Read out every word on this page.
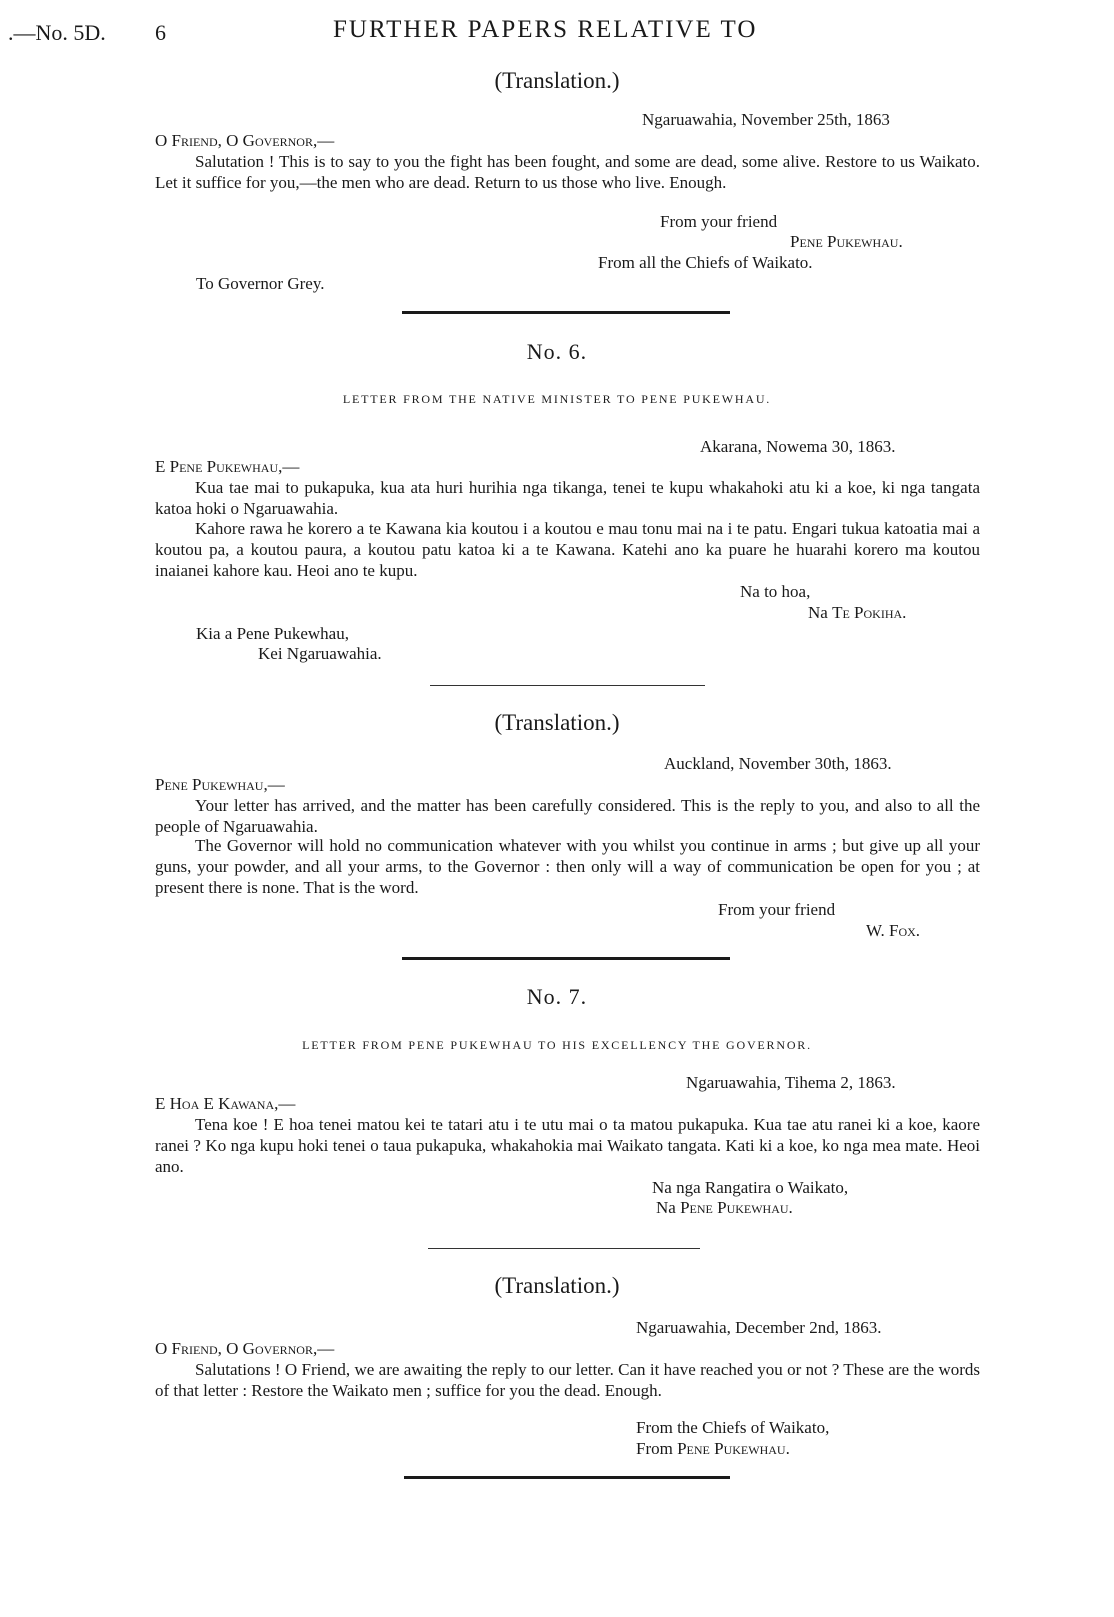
.—No. 5D. 6	FURTHER PAPERS RELATIVE TO
(Translation.)
Ngaruawahia, November 25th, 1863
O Friend, O Governor,—
Salutation ! This is to say to you the fight has been fought, and some are dead, some alive. Restore to us Waikato. Let it suffice for you,—the men who are dead. Return to us those who live. Enough.
From your friend
Pene Pukewhau.
From all the Chiefs of Waikato.
To Governor Grey.
No. 6.
LETTER FROM THE NATIVE MINISTER TO PENE PUKEWHAU.
Akarana, Nowema 30, 1863.
E Pene Pukewhau,—
Kua tae mai to pukapuka, kua ata huri hurihia nga tikanga, tenei te kupu whakahoki atu ki a koe, ki nga tangata katoa hoki o Ngaruawahia.
Kahore rawa he korero a te Kawana kia koutou i a koutou e mau tonu mai na i te patu. Engari tukua katoatia mai a koutou pa, a koutou paura, a koutou patu katoa ki a te Kawana. Katehi ano ka puare he huarahi korero ma koutou inaianei kahore kau. Heoi ano te kupu.
Na to hoa,
Na Te Pokiha.
Kia a Pene Pukewhau,
Kei Ngaruawahia.
(Translation.)
Auckland, November 30th, 1863.
Pene Pukewhau,—
Your letter has arrived, and the matter has been carefully considered. This is the reply to you, and also to all the people of Ngaruawahia.
The Governor will hold no communication whatever with you whilst you continue in arms ; but give up all your guns, your powder, and all your arms, to the Governor : then only will a way of communication be open for you ; at present there is none. That is the word.
From your friend
W. Fox.
No. 7.
LETTER FROM PENE PUKEWHAU TO HIS EXCELLENCY THE GOVERNOR.
Ngaruawahia, Tihema 2, 1863.
E Hoa E Kawana,—
Tena koe ! E hoa tenei matou kei te tatari atu i te utu mai o ta matou pukapuka. Kua tae atu ranei ki a koe, kaore ranei ? Ko nga kupu hoki tenei o taua pukapuka, whakahokia mai Waikato tangata. Kati ki a koe, ko nga mea mate. Heoi ano.
Na nga Rangatira o Waikato,
Na Pene Pukewhau.
(Translation.)
Ngaruawahia, December 2nd, 1863.
O Friend, O Governor,—
Salutations ! O Friend, we are awaiting the reply to our letter. Can it have reached you or not ? These are the words of that letter : Restore the Waikato men ; suffice for you the dead. Enough.
From the Chiefs of Waikato,
From Pene Pukewhau.
